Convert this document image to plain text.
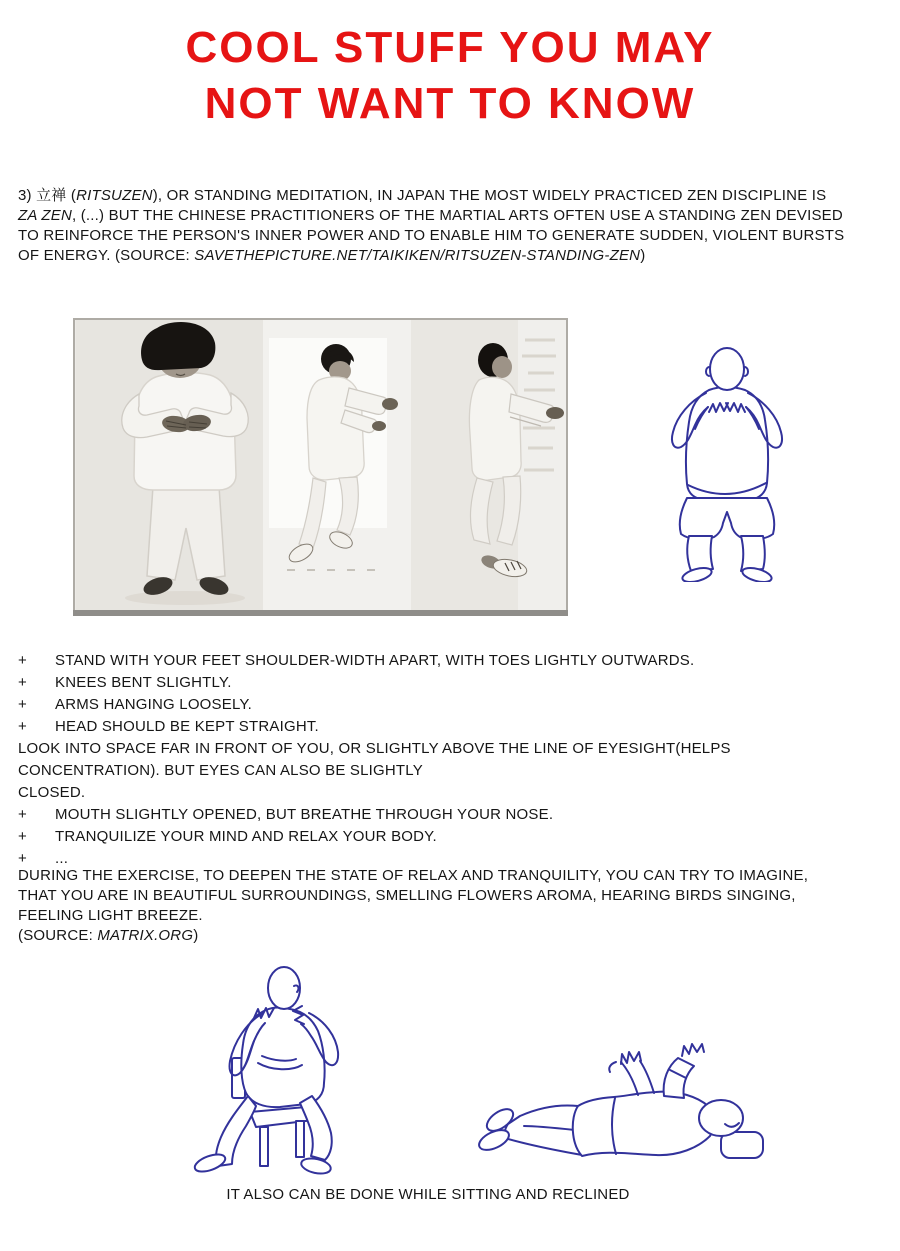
COOL STUFF YOU MAY
NOT WANT TO KNOW
3) 立禅 (RITSUZEN), OR STANDING MEDITATION, IN JAPAN THE MOST WIDELY PRACTICED ZEN DISCIPLINE IS
ZA ZEN, (...) BUT THE CHINESE PRACTITIONERS OF THE MARTIAL ARTS OFTEN USE A STANDING ZEN DEVISED
TO REINFORCE THE PERSON'S INNER POWER AND TO ENABLE HIM TO GENERATE SUDDEN, VIOLENT BURSTS
OF ENERGY. (SOURCE: SAVETHEPICTURE.NET/TAIKIKEN/RITSUZEN-STANDING-ZEN)
+	STAND WITH YOUR FEET SHOULDER-WIDTH APART, WITH TOES LIGHTLY OUTWARDS.
+	KNEES BENT SLIGHTLY.
+	ARMS HANGING LOOSELY.
+	HEAD SHOULD BE KEPT STRAIGHT.
LOOK INTO SPACE FAR IN FRONT OF YOU, OR SLIGHTLY ABOVE THE LINE OF EYESIGHT(HELPS
CONCENTRATION). BUT EYES CAN ALSO BE SLIGHTLY
CLOSED.
+	MOUTH SLIGHTLY OPENED, BUT BREATHE THROUGH YOUR NOSE.
+	TRANQUILIZE YOUR MIND AND RELAX YOUR BODY.
+	...
DURING THE EXERCISE, TO DEEPEN THE STATE OF RELAX AND TRANQUILITY, YOU CAN TRY TO IMAGINE,
THAT YOU ARE IN BEAUTIFUL SURROUNDINGS, SMELLING FLOWERS AROMA, HEARING BIRDS SINGING,
FEELING LIGHT BREEZE.
(SOURCE: MATRIX.ORG)
IT ALSO CAN BE DONE WHILE SITTING AND RECLINED
